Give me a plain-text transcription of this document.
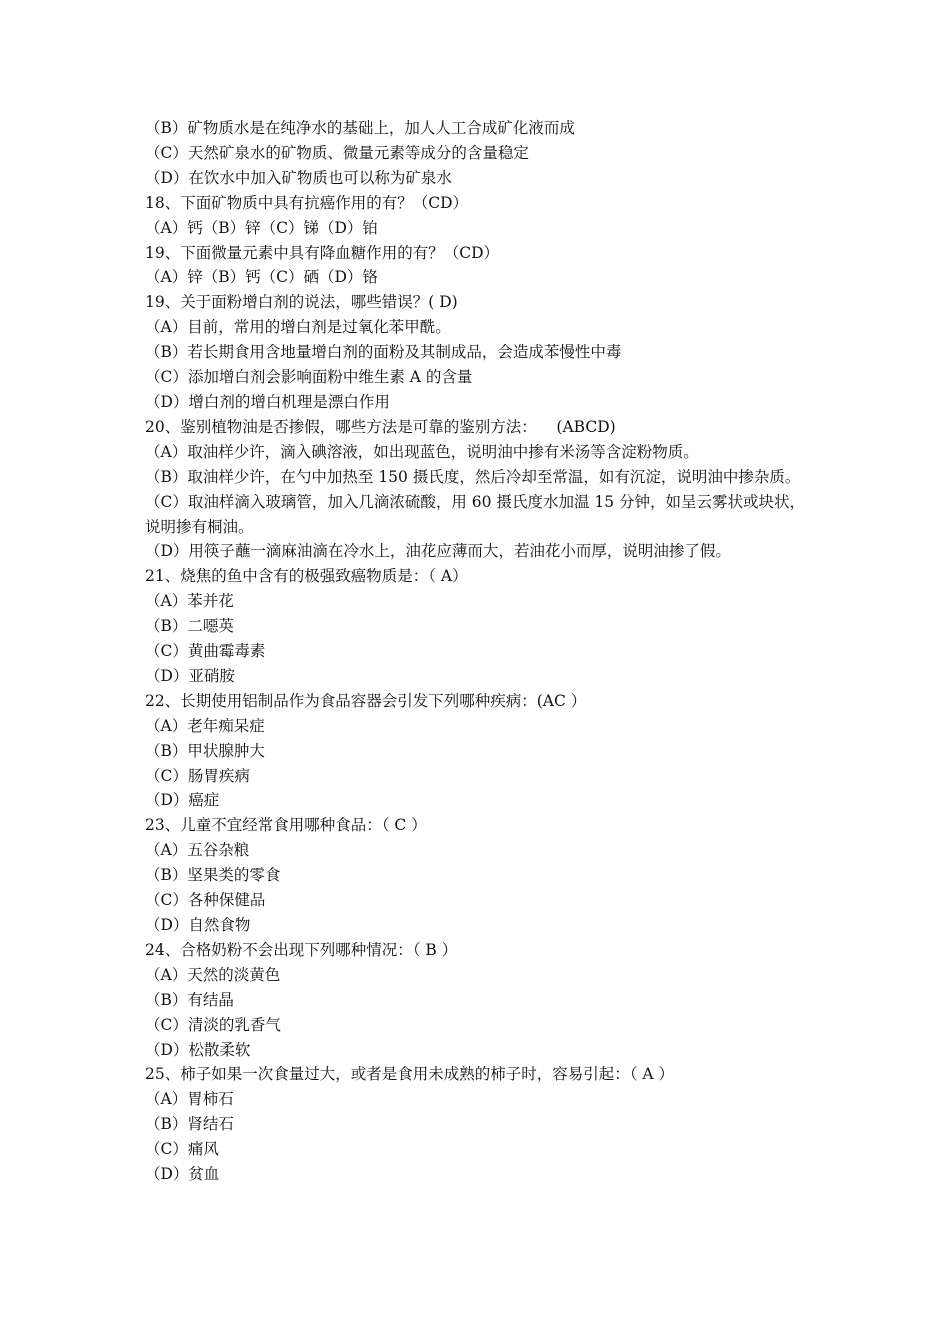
（B）矿物质水是在纯净水的基础上，加人人工合成矿化液而成

（C）天然矿泉水的矿物质、微量元素等成分的含量稳定

（D）在饮水中加入矿物质也可以称为矿泉水

18、下面矿物质中具有抗癌作用的有？（CD）

（A）钙（B）锌（C）锑（D）铂

19、下面微量元素中具有降血糖作用的有？（CD）

（A）锌（B）钙（C）硒（D）铬

19、关于面粉增白剂的说法，哪些错误？( D)

（A）目前，常用的增白剂是过氧化苯甲酰。

（B）若长期食用含地量增白剂的面粉及其制成品，会造成苯慢性中毒

（C）添加增白剂会影响面粉中维生素 A 的含量

（D）增白剂的增白机理是漂白作用

20、鉴别植物油是否掺假，哪些方法是可靠的鉴别方法：    (ABCD)

（A）取油样少许，滴入碘溶液，如出现蓝色，说明油中掺有米汤等含淀粉物质。

（B）取油样少许，在勺中加热至 150 摄氏度，然后冷却至常温，如有沉淀，说明油中掺杂质。

（C）取油样滴入玻璃管，加入几滴浓硫酸，用 60 摄氏度水加温 15 分钟，如呈云雾状或块状，说明掺有桐油。

（D）用筷子蘸一滴麻油滴在冷水上，油花应薄而大，若油花小而厚，说明油掺了假。

21、烧焦的鱼中含有的极强致癌物质是：（ A）

（A）苯并花

（B）二噁英

（C）黄曲霉毒素

（D）亚硝胺

22、长期使用铝制品作为食品容器会引发下列哪种疾病：(AC ）

（A）老年痴呆症

（B）甲状腺肿大

（C）肠胃疾病

（D）癌症

23、儿童不宜经常食用哪种食品：（ C ）

（A）五谷杂粮

（B）坚果类的零食

（C）各种保健品

（D）自然食物

24、合格奶粉不会出现下列哪种情况：（ B ）

（A）天然的淡黄色

（B）有结晶

（C）清淡的乳香气

（D）松散柔软

25、柿子如果一次食量过大，或者是食用未成熟的柿子时，容易引起：（ A ）

（A）胃柿石

（B）肾结石

（C）痛风

（D）贫血
